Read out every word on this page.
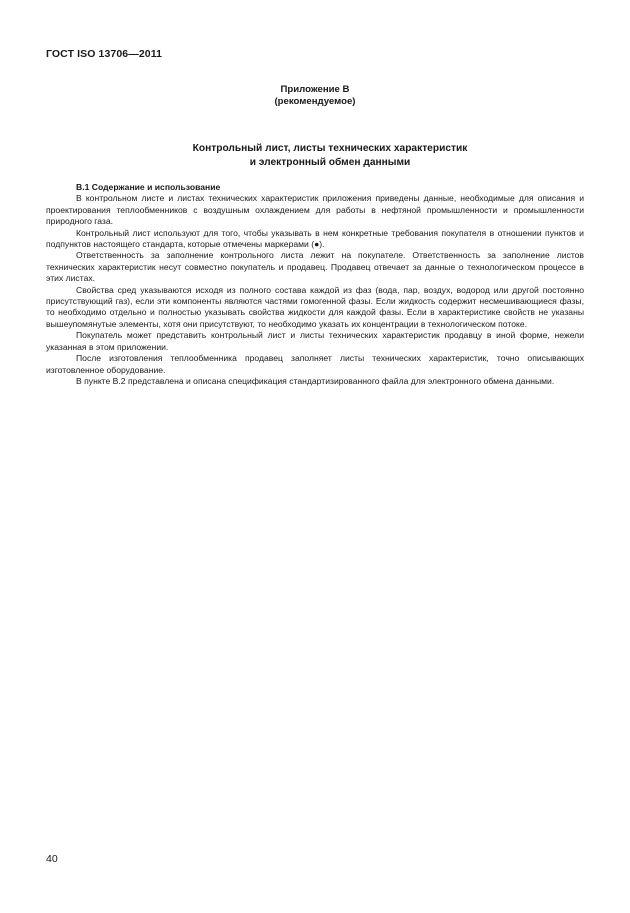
ГОСТ ISO 13706—2011
Приложение В
(рекомендуемое)
Контрольный лист, листы технических характеристик
и электронный обмен данными
В.1 Содержание и использование

В контрольном листе и листах технических характеристик приложения приведены данные, необходимые для описания и проектирования теплообменников с воздушным охлаждением для работы в нефтяной промышленности и промышленности природного газа.

Контрольный лист используют для того, чтобы указывать в нем конкретные требования покупателя в отношении пунктов и подпунктов настоящего стандарта, которые отмечены маркерами (●).

Ответственность за заполнение контрольного листа лежит на покупателе. Ответственность за заполнение листов технических характеристик несут совместно покупатель и продавец. Продавец отвечает за данные о технологическом процессе в этих листах.

Свойства сред указываются исходя из полного состава каждой из фаз (вода, пар, воздух, водород или другой постоянно присутствующий газ), если эти компоненты являются частями гомогенной фазы. Если жидкость содержит несмешивающиеся фазы, то необходимо отдельно и полностью указывать свойства жидкости для каждой фазы. Если в характеристике свойств не указаны вышеупомянутые элементы, хотя они присутствуют, то необходимо указать их концентрации в технологическом потоке.

Покупатель может представить контрольный лист и листы технических характеристик продавцу в иной форме, нежели указанная в этом приложении.

После изготовления теплообменника продавец заполняет листы технических характеристик, точно описывающих изготовленное оборудование.

В пункте В.2 представлена и описана спецификация стандартизированного файла для электронного обмена данными.

40
